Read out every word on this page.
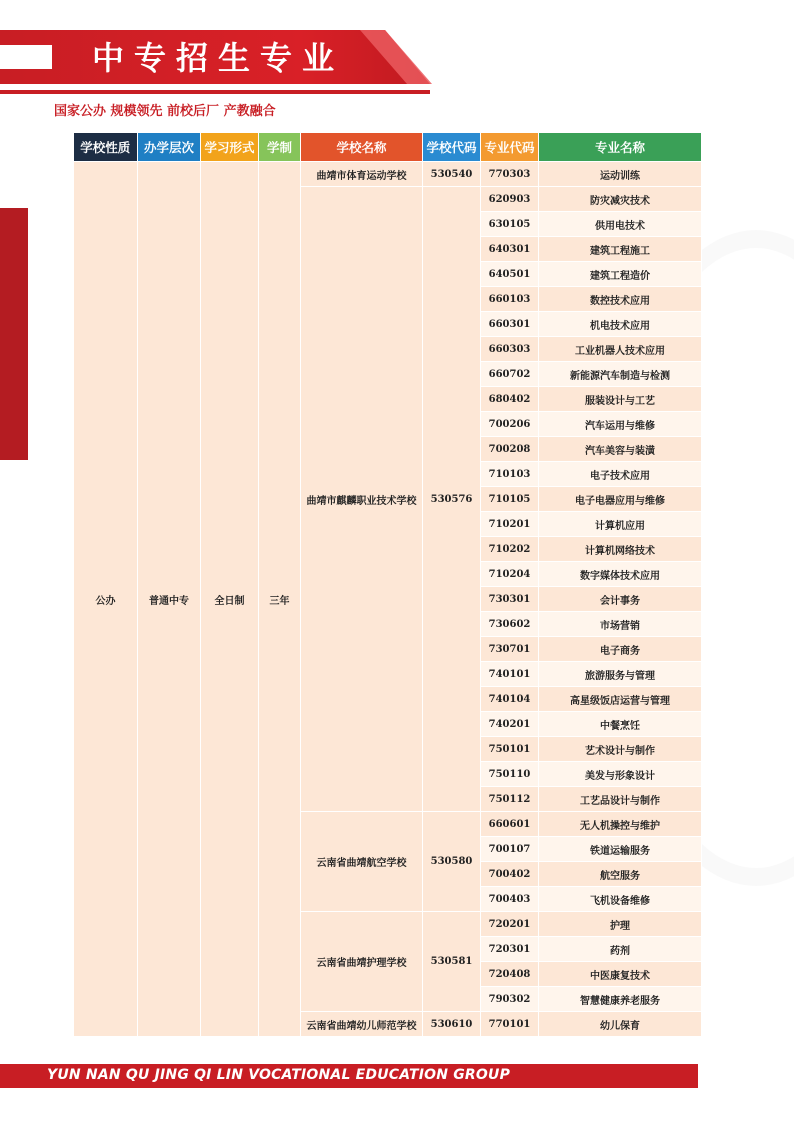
中专招生专业
国家公办 规模领先 前校后厂 产教融合
学校性质	办学层次	学习形式	学制	学校名称	学校代码	专业代码	专业名称
公办	普通中专	全日制	三年	曲靖市体育运动学校	530540	770303	运动训练
				曲靖市麒麟职业技术学校	530576	620903	防灾减灾技术
						630105	供用电技术
						640301	建筑工程施工
						640501	建筑工程造价
						660103	数控技术应用
						660301	机电技术应用
						660303	工业机器人技术应用
						660702	新能源汽车制造与检测
						680402	服装设计与工艺
						700206	汽车运用与维修
						700208	汽车美容与装潢
						710103	电子技术应用
						710105	电子电器应用与维修
						710201	计算机应用
						710202	计算机网络技术
						710204	数字媒体技术应用
						730301	会计事务
						730602	市场营销
						730701	电子商务
						740101	旅游服务与管理
						740104	高星级饭店运营与管理
						740201	中餐烹饪
						750101	艺术设计与制作
						750110	美发与形象设计
						750112	工艺品设计与制作
				云南省曲靖航空学校	530580	660601	无人机操控与维护
						700107	铁道运输服务
						700402	航空服务
						700403	飞机设备维修
				云南省曲靖护理学校	530581	720201	护理
						720301	药剂
						720408	中医康复技术
						790302	智慧健康养老服务
				云南省曲靖幼儿师范学校	530610	770101	幼儿保育
YUN NAN QU JING QI LIN VOCATIONAL EDUCATION GROUP
